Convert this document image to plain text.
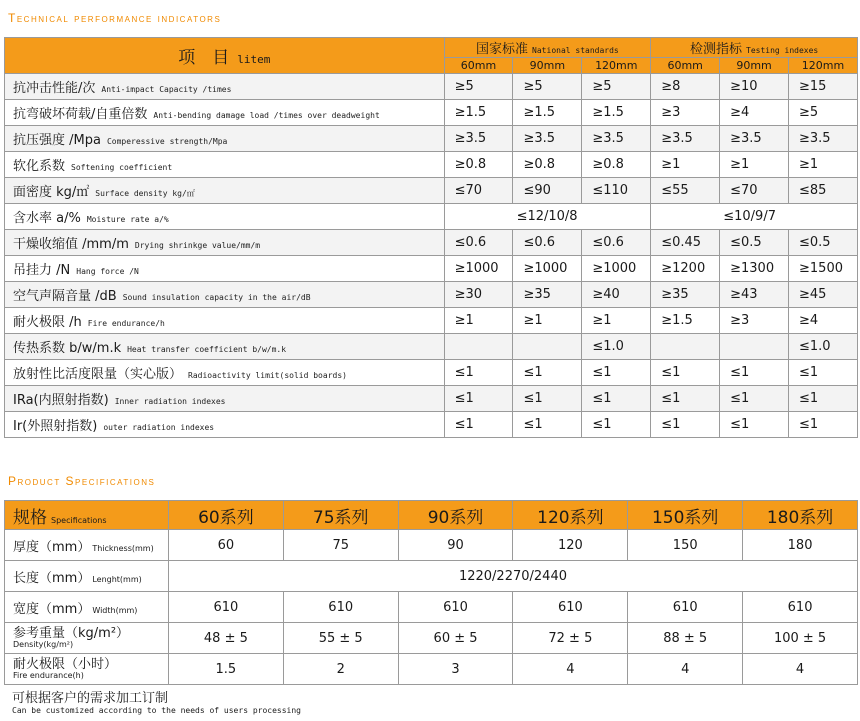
Technical performance indicators
项　目 litem	国家标准 National standards			检测指标 Testing indexes		
	60mm	90mm	120mm	60mm	90mm	120mm
抗冲击性能/次 Anti-impact Capacity /times	≥5	≥5	≥5	≥8	≥10	≥15
抗弯破坏荷载/自重倍数 Anti-bending damage load /times over deadweight	≥1.5	≥1.5	≥1.5	≥3	≥4	≥5
抗压强度 /Mpa Comperessive strength/Mpa	≥3.5	≥3.5	≥3.5	≥3.5	≥3.5	≥3.5
软化系数 Softening coefficient	≥0.8	≥0.8	≥0.8	≥1	≥1	≥1
面密度 kg/㎡ Surface density kg/㎡	≤70	≤90	≤110	≤55	≤70	≤85
含水率 a/% Moisture rate a/%	≤12/10/8			≤10/9/7		
干燥收缩值 /mm/m Drying shrinkge value/mm/m	≤0.6	≤0.6	≤0.6	≤0.45	≤0.5	≤0.5
吊挂力 /N Hang force /N	≥1000	≥1000	≥1000	≥1200	≥1300	≥1500
空气声隔音量 /dB Sound insulation capacity in the air/dB	≥30	≥35	≥40	≥35	≥43	≥45
耐火极限 /h Fire endurance/h	≥1	≥1	≥1	≥1.5	≥3	≥4
传热系数 b/w/m.k Heat transfer coefficient b/w/m.k			≤1.0			≤1.0
放射性比活度限量（实心版） Radioactivity limit(solid boards)	≤1	≤1	≤1	≤1	≤1	≤1
IRa(内照射指数) Inner radiation indexes	≤1	≤1	≤1	≤1	≤1	≤1
Ir(外照射指数) outer radiation indexes	≤1	≤1	≤1	≤1	≤1	≤1
Product Specifications
规格 Specifications	60系列	75系列	90系列	120系列	150系列	180系列
厚度（mm） Thickness(mm)	60	75	90	120	150	180
长度（mm） Lenght(mm)	1220/2270/2440					
宽度（mm） Width(mm)	610	610	610	610	610	610
参考重量（kg/m²）
Density(kg/m²)	48 ± 5	55 ± 5	60 ± 5	72 ± 5	88 ± 5	100 ± 5
耐火极限（小时）
Fire endurance(h)	1.5	2	3	4	4	4
可根据客户的需求加工订制
Can be customized according to the needs of users processing
